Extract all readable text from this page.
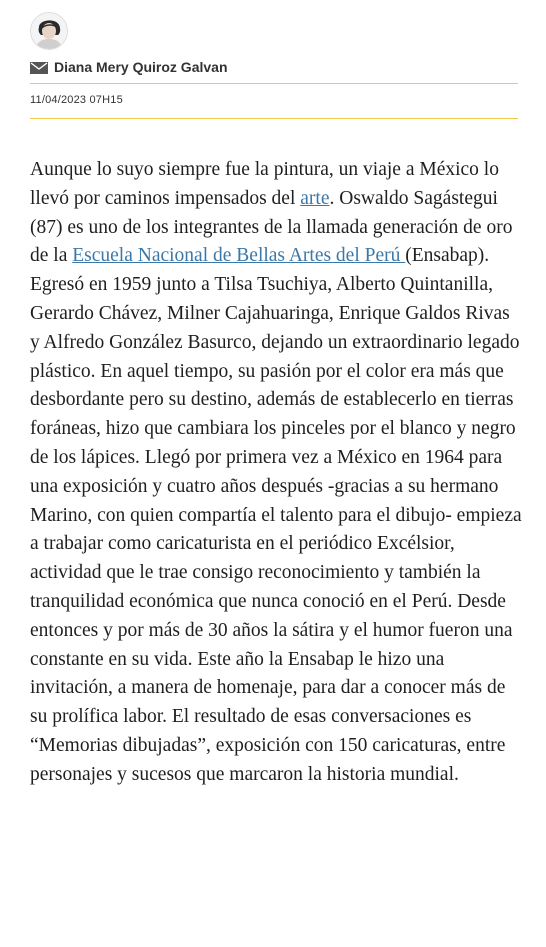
Diana Mery Quiroz Galvan
11/04/2023 07H15

Aunque lo suyo siempre fue la pintura, un viaje a México lo llevó por caminos impensados del arte. Oswaldo Sagástegui (87) es uno de los integrantes de la llamada generación de oro de la Escuela Nacional de Bellas Artes del Perú (Ensabap). Egresó en 1959 junto a Tilsa Tsuchiya, Alberto Quintanilla, Gerardo Chávez, Milner Cajahuaringa, Enrique Galdos Rivas y Alfredo González Basurco, dejando un extraordinario legado plástico. En aquel tiempo, su pasión por el color era más que desbordante pero su destino, además de establecerlo en tierras foráneas, hizo que cambiara los pinceles por el blanco y negro de los lápices. Llegó por primera vez a México en 1964 para una exposición y cuatro años después -gracias a su hermano Marino, con quien compartía el talento para el dibujo- empieza a trabajar como caricaturista en el periódico Excélsior, actividad que le trae consigo reconocimiento y también la tranquilidad económica que nunca conoció en el Perú. Desde entonces y por más de 30 años la sátira y el humor fueron una constante en su vida. Este año la Ensabap le hizo una invitación, a manera de homenaje, para dar a conocer más de su prolífica labor. El resultado de esas conversaciones es “Memorias dibujadas”, exposición con 150 caricaturas, entre personajes y sucesos que marcaron la historia mundial.
